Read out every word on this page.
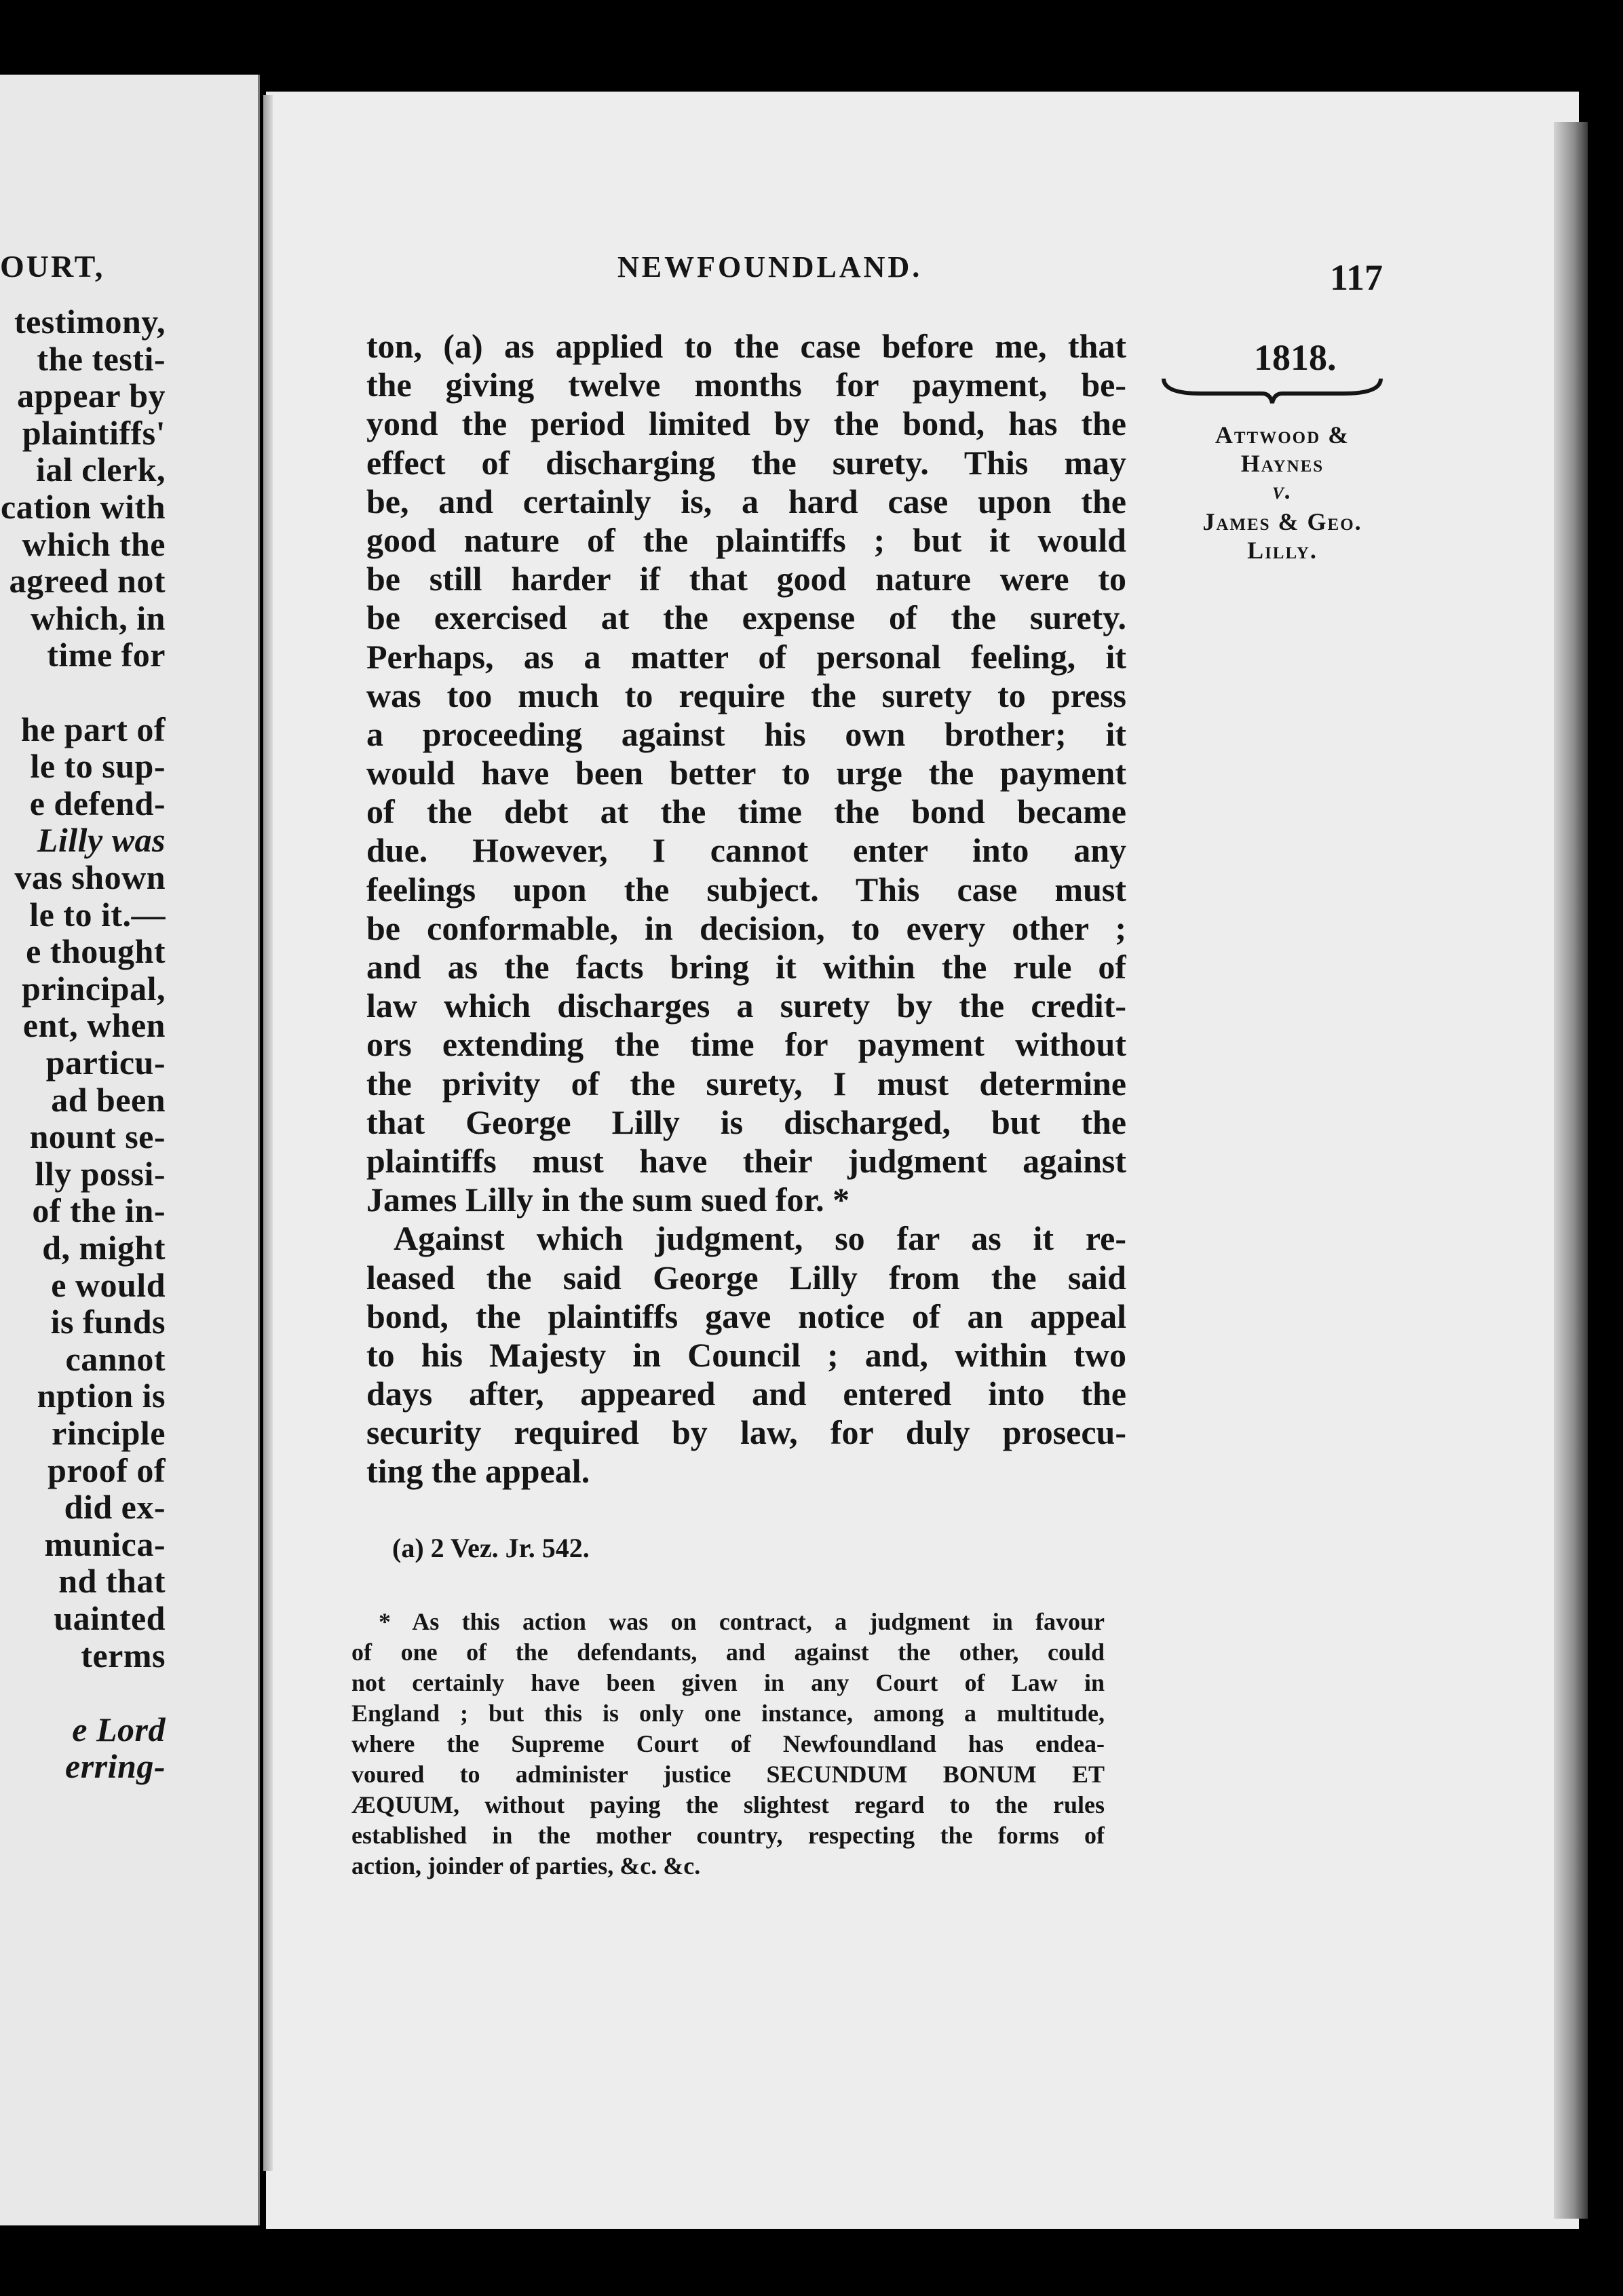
OURT,
testimony,
the testi-
appear by
plaintiffs'
ial clerk,
cation with
which the
agreed not
which, in
time for
he part of
le to sup-
e defend-
Lilly was
vas shown
le to it.—
e thought
principal,
ent, when
particu-
ad been
nount se-
lly possi-
of the in-
d, might
e would
is funds
cannot
nption is
rinciple
proof of
did ex-
munica-
nd that
uainted
terms
e Lord
erring-
NEWFOUNDLAND.	117
1818.
Attwood &
Haynes
v.
James & Geo.
Lilly.
ton, (a) as applied to the case before me, that
the giving twelve months for payment, be-
yond the period limited by the bond, has the
effect of discharging the surety. This may
be, and certainly is, a hard case upon the
good nature of the plaintiffs ; but it would
be still harder if that good nature were to
be exercised at the expense of the surety.
Perhaps, as a matter of personal feeling, it
was too much to require the surety to press
a proceeding against his own brother; it
would have been better to urge the payment
of the debt at the time the bond became
due. However, I cannot enter into any
feelings upon the subject. This case must
be conformable, in decision, to every other ;
and as the facts bring it within the rule of
law which discharges a surety by the credit-
ors extending the time for payment without
the privity of the surety, I must determine
that George Lilly is discharged, but the
plaintiffs must have their judgment against
James Lilly in the sum sued for. *
Against which judgment, so far as it re-
leased the said George Lilly from the said
bond, the plaintiffs gave notice of an appeal
to his Majesty in Council ; and, within two
days after, appeared and entered into the
security required by law, for duly prosecu-
ting the appeal.
(a) 2 Vez. Jr. 542.
* As this action was on contract, a judgment in favour
of one of the defendants, and against the other, could
not certainly have been given in any Court of Law in
England ; but this is only one instance, among a multitude,
where the Supreme Court of Newfoundland has endea-
voured to administer justice SECUNDUM BONUM ET
ÆQUUM, without paying the slightest regard to the rules
established in the mother country, respecting the forms of
action, joinder of parties, &c. &c.
